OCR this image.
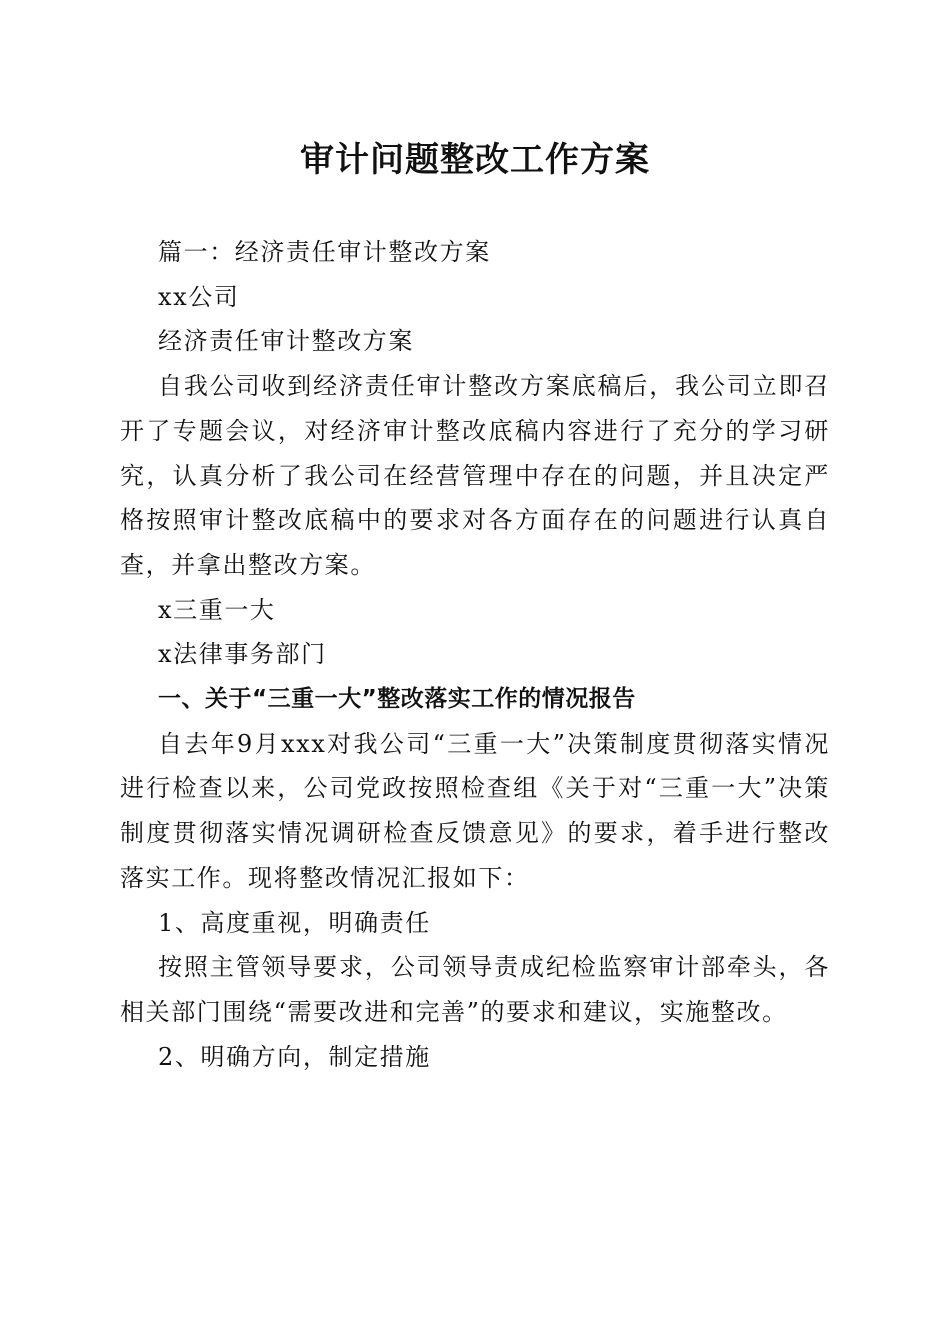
审计问题整改工作方案

篇一：经济责任审计整改方案

xx公司

经济责任审计整改方案

自我公司收到经济责任审计整改方案底稿后，我公司立即召开了专题会议，对经济审计整改底稿内容进行了充分的学习研究，认真分析了我公司在经营管理中存在的问题，并且决定严格按照审计整改底稿中的要求对各方面存在的问题进行认真自查，并拿出整改方案。

x三重一大

x法律事务部门

一、关于“三重一大”整改落实工作的情况报告

自去年9月xxx对我公司“三重一大”决策制度贯彻落实情况进行检查以来，公司党政按照检查组《关于对“三重一大”决策制度贯彻落实情况调研检查反馈意见》的要求，着手进行整改落实工作。现将整改情况汇报如下：

1、高度重视，明确责任

按照主管领导要求，公司领导责成纪检监察审计部牵头，各相关部门围绕“需要改进和完善”的要求和建议，实施整改。

2、明确方向，制定措施
